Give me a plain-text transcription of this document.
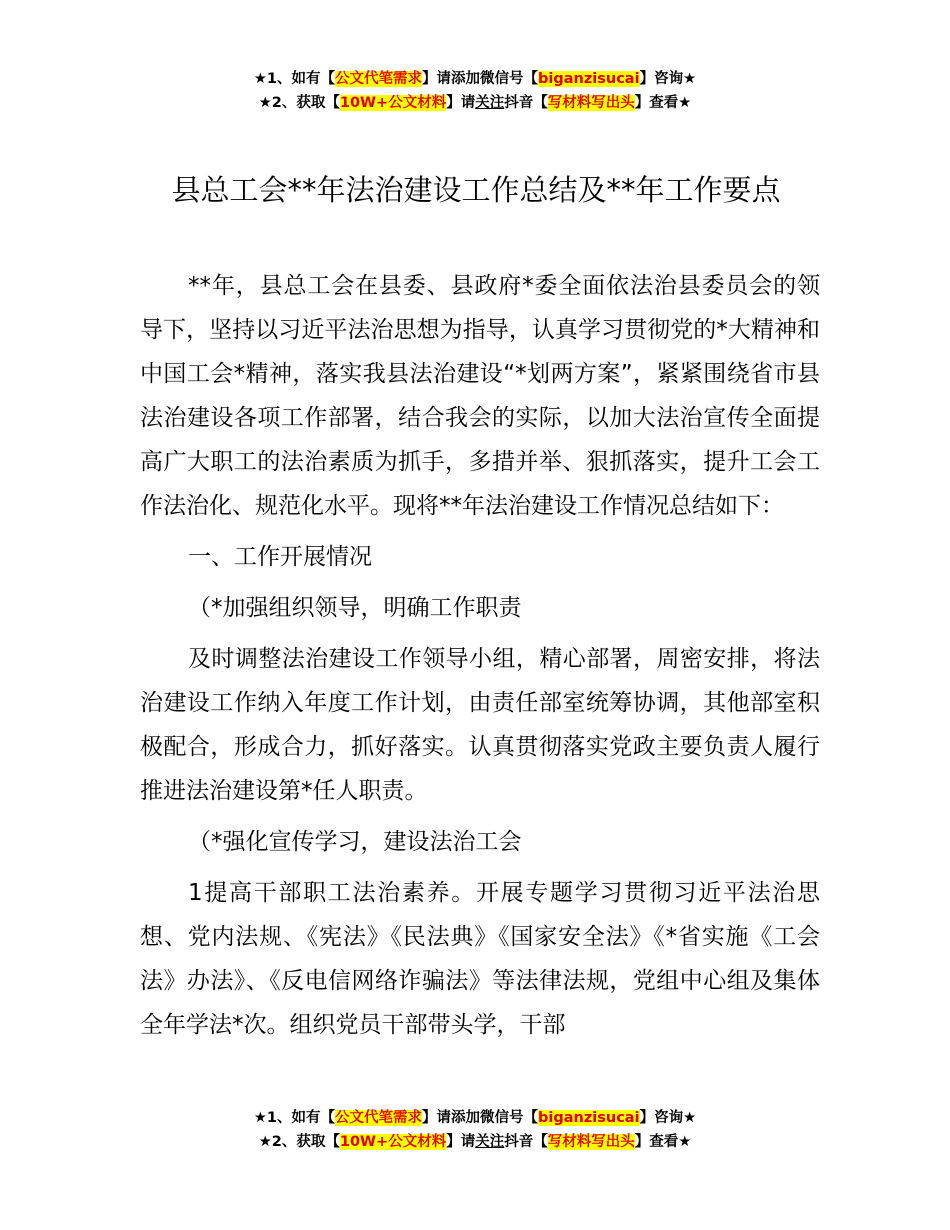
★1、如有【公文代笔需求】请添加微信号【biganzisucai】咨询★
★2、获取【10W+公文材料】请关注抖音【写材料写出头】查看★
县总工会**年法治建设工作总结及**年工作要点

**年，县总工会在县委、县政府*委全面依法治县委员会的领导下，坚持以习近平法治思想为指导，认真学习贯彻党的*大精神和中国工会*精神，落实我县法治建设“*划两方案”，紧紧围绕省市县法治建设各项工作部署，结合我会的实际，以加大法治宣传全面提高广大职工的法治素质为抓手，多措并举、狠抓落实，提升工会工作法治化、规范化水平。现将**年法治建设工作情况总结如下：

一、工作开展情况

（*加强组织领导，明确工作职责

及时调整法治建设工作领导小组，精心部署，周密安排，将法治建设工作纳入年度工作计划，由责任部室统筹协调，其他部室积极配合，形成合力，抓好落实。认真贯彻落实党政主要负责人履行推进法治建设第*任人职责。

（*强化宣传学习，建设法治工会

1提高干部职工法治素养。开展专题学习贯彻习近平法治思想、党内法规、《宪法》《民法典》《国家安全法》《*省实施《工会法》办法》、《反电信网络诈骗法》等法律法规，党组中心组及集体全年学法*次。组织党员干部带头学，干部

★1、如有【公文代笔需求】请添加微信号【biganzisucai】咨询★
★2、获取【10W+公文材料】请关注抖音【写材料写出头】查看★
